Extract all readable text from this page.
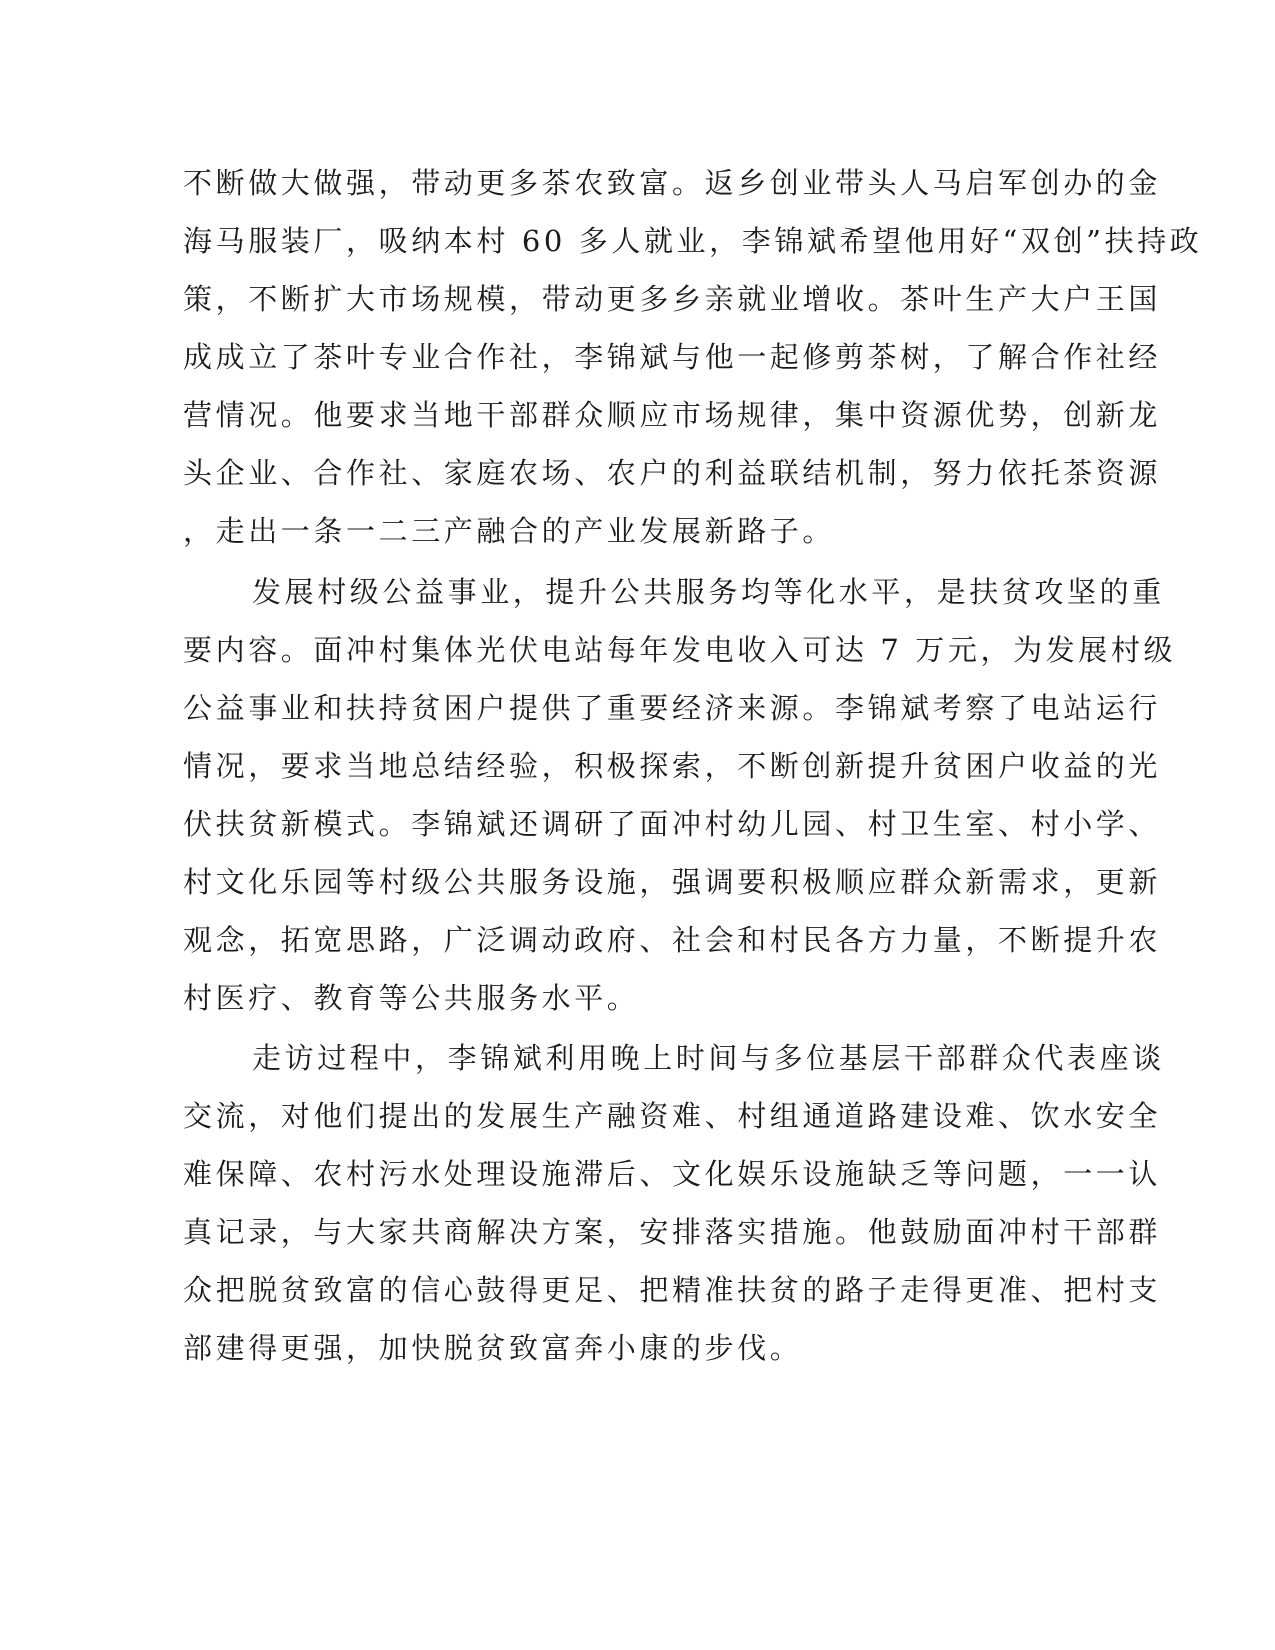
不断做大做强，带动更多茶农致富。返乡创业带头人马启军创办的金
海马服装厂，吸纳本村 60 多人就业，李锦斌希望他用好“双创”扶持政
策，不断扩大市场规模，带动更多乡亲就业增收。茶叶生产大户王国
成成立了茶叶专业合作社，李锦斌与他一起修剪茶树，了解合作社经
营情况。他要求当地干部群众顺应市场规律，集中资源优势，创新龙
头企业、合作社、家庭农场、农户的利益联结机制，努力依托茶资源
，走出一条一二三产融合的产业发展新路子。
发展村级公益事业，提升公共服务均等化水平，是扶贫攻坚的重
要内容。面冲村集体光伏电站每年发电收入可达 7 万元，为发展村级
公益事业和扶持贫困户提供了重要经济来源。李锦斌考察了电站运行
情况，要求当地总结经验，积极探索，不断创新提升贫困户收益的光
伏扶贫新模式。李锦斌还调研了面冲村幼儿园、村卫生室、村小学、
村文化乐园等村级公共服务设施，强调要积极顺应群众新需求，更新
观念，拓宽思路，广泛调动政府、社会和村民各方力量，不断提升农
村医疗、教育等公共服务水平。
走访过程中，李锦斌利用晚上时间与多位基层干部群众代表座谈
交流，对他们提出的发展生产融资难、村组通道路建设难、饮水安全
难保障、农村污水处理设施滞后、文化娱乐设施缺乏等问题，一一认
真记录，与大家共商解决方案，安排落实措施。他鼓励面冲村干部群
众把脱贫致富的信心鼓得更足、把精准扶贫的路子走得更准、把村支
部建得更强，加快脱贫致富奔小康的步伐。
